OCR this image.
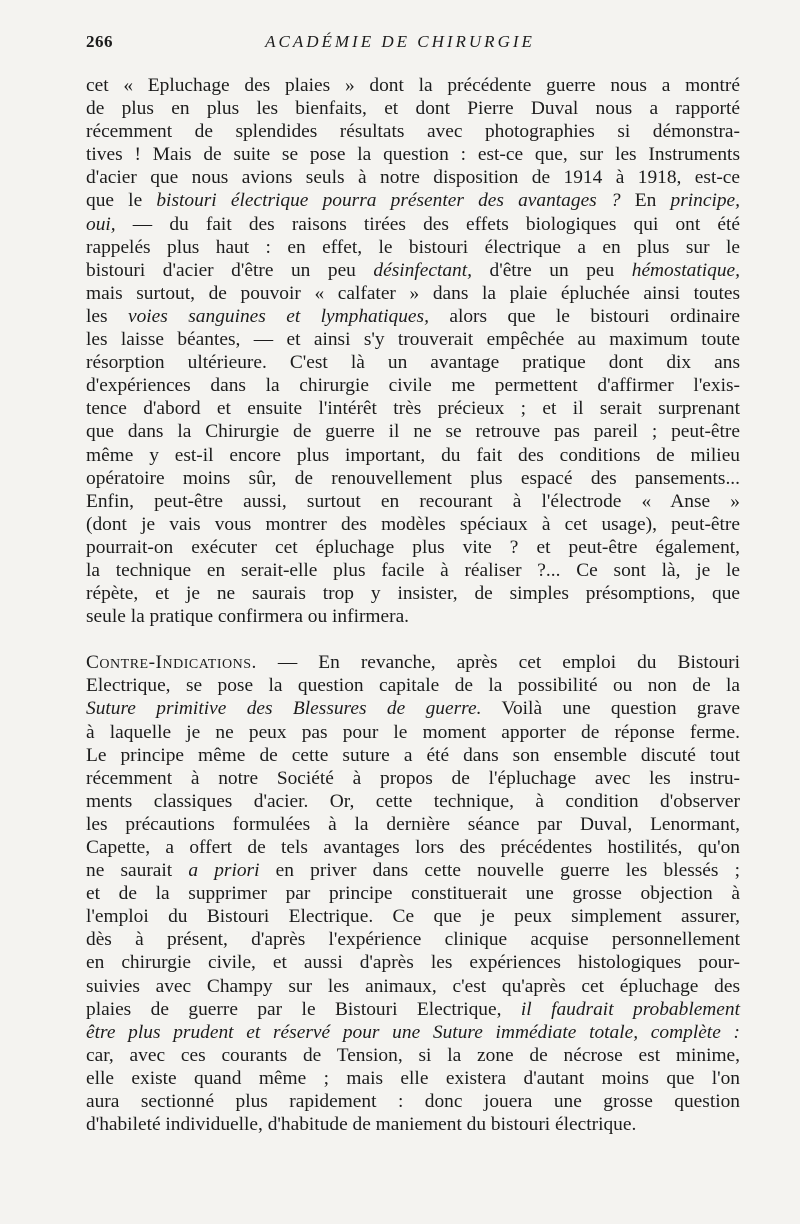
266	ACADÉMIE DE CHIRURGIE
cet « Epluchage des plaies » dont la précédente guerre nous a montré
de plus en plus les bienfaits, et dont Pierre Duval nous a rapporté
récemment de splendides résultats avec photographies si démonstra-
tives ! Mais de suite se pose la question : est-ce que, sur les Instruments
d'acier que nous avions seuls à notre disposition de 1914 à 1918, est-ce
que le bistouri électrique pourra présenter des avantages ? En principe,
oui, — du fait des raisons tirées des effets biologiques qui ont été
rappelés plus haut : en effet, le bistouri électrique a en plus sur le
bistouri d'acier d'être un peu désinfectant, d'être un peu hémostatique,
mais surtout, de pouvoir « calfater » dans la plaie épluchée ainsi toutes
les voies sanguines et lymphatiques, alors que le bistouri ordinaire
les laisse béantes, — et ainsi s'y trouverait empêchée au maximum toute
résorption ultérieure. C'est là un avantage pratique dont dix ans
d'expériences dans la chirurgie civile me permettent d'affirmer l'exis-
tence d'abord et ensuite l'intérêt très précieux ; et il serait surprenant
que dans la Chirurgie de guerre il ne se retrouve pas pareil ; peut-être
même y est-il encore plus important, du fait des conditions de milieu
opératoire moins sûr, de renouvellement plus espacé des pansements...
Enfin, peut-être aussi, surtout en recourant à l'électrode « Anse »
(dont je vais vous montrer des modèles spéciaux à cet usage), peut-être
pourrait-on exécuter cet épluchage plus vite ? et peut-être également,
la technique en serait-elle plus facile à réaliser ?... Ce sont là, je le
répète, et je ne saurais trop y insister, de simples présomptions, que
seule la pratique confirmera ou infirmera.
Contre-Indications. — En revanche, après cet emploi du Bistouri
Electrique, se pose la question capitale de la possibilité ou non de la
Suture primitive des Blessures de guerre. Voilà une question grave
à laquelle je ne peux pas pour le moment apporter de réponse ferme.
Le principe même de cette suture a été dans son ensemble discuté tout
récemment à notre Société à propos de l'épluchage avec les instru-
ments classiques d'acier. Or, cette technique, à condition d'observer
les précautions formulées à la dernière séance par Duval, Lenormant,
Capette, a offert de tels avantages lors des précédentes hostilités, qu'on
ne saurait a priori en priver dans cette nouvelle guerre les blessés ;
et de la supprimer par principe constituerait une grosse objection à
l'emploi du Bistouri Electrique. Ce que je peux simplement assurer,
dès à présent, d'après l'expérience clinique acquise personnellement
en chirurgie civile, et aussi d'après les expériences histologiques pour-
suivies avec Champy sur les animaux, c'est qu'après cet épluchage des
plaies de guerre par le Bistouri Electrique, il faudrait probablement
être plus prudent et réservé pour une Suture immédiate totale, complète :
car, avec ces courants de Tension, si la zone de nécrose est minime,
elle existe quand même ; mais elle existera d'autant moins que l'on
aura sectionné plus rapidement : donc jouera une grosse question
d'habileté individuelle, d'habitude de maniement du bistouri électrique.
